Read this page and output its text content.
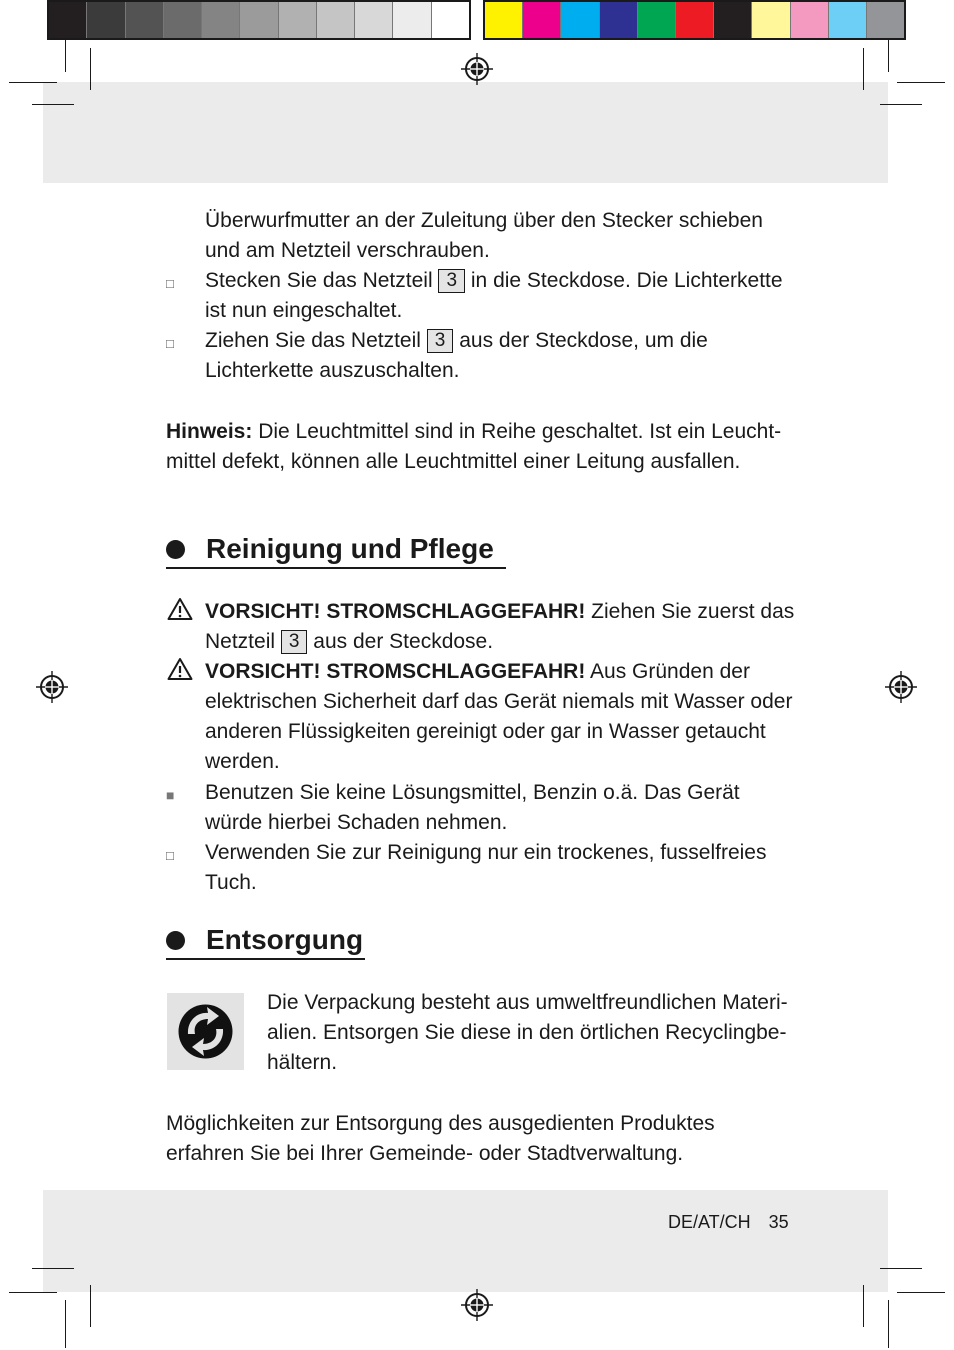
Überwurfmutter an der Zuleitung über den Stecker schieben und am Netzteil verschrauben.

□ Stecken Sie das Netzteil 3 in die Steckdose. Die Lichterkette ist nun eingeschaltet.

□ Ziehen Sie das Netzteil 3 aus der Steckdose, um die Lichterkette auszuschalten.

Hinweis: Die Leuchtmittel sind in Reihe geschaltet. Ist ein Leucht-mittel defekt, können alle Leuchtmittel einer Leitung ausfallen.

Reinigung und Pflege

VORSICHT! STROMSCHLAGGEFAHR! Ziehen Sie zuerst das Netzteil 3 aus der Steckdose.

VORSICHT! STROMSCHLAGGEFAHR! Aus Gründen der elektrischen Sicherheit darf das Gerät niemals mit Wasser oder anderen Flüssigkeiten gereinigt oder gar in Wasser getaucht werden.

■ Benutzen Sie keine Lösungsmittel, Benzin o.ä. Das Gerät würde hierbei Schaden nehmen.

□ Verwenden Sie zur Reinigung nur ein trockenes, fusselfreies Tuch.

Entsorgung

Die Verpackung besteht aus umweltfreundlichen Materi-alien. Entsorgen Sie diese in den örtlichen Recyclingbe-hältern.

Möglichkeiten zur Entsorgung des ausgedienten Produktes erfahren Sie bei Ihrer Gemeinde- oder Stadtverwaltung.

DE/AT/CH 35
